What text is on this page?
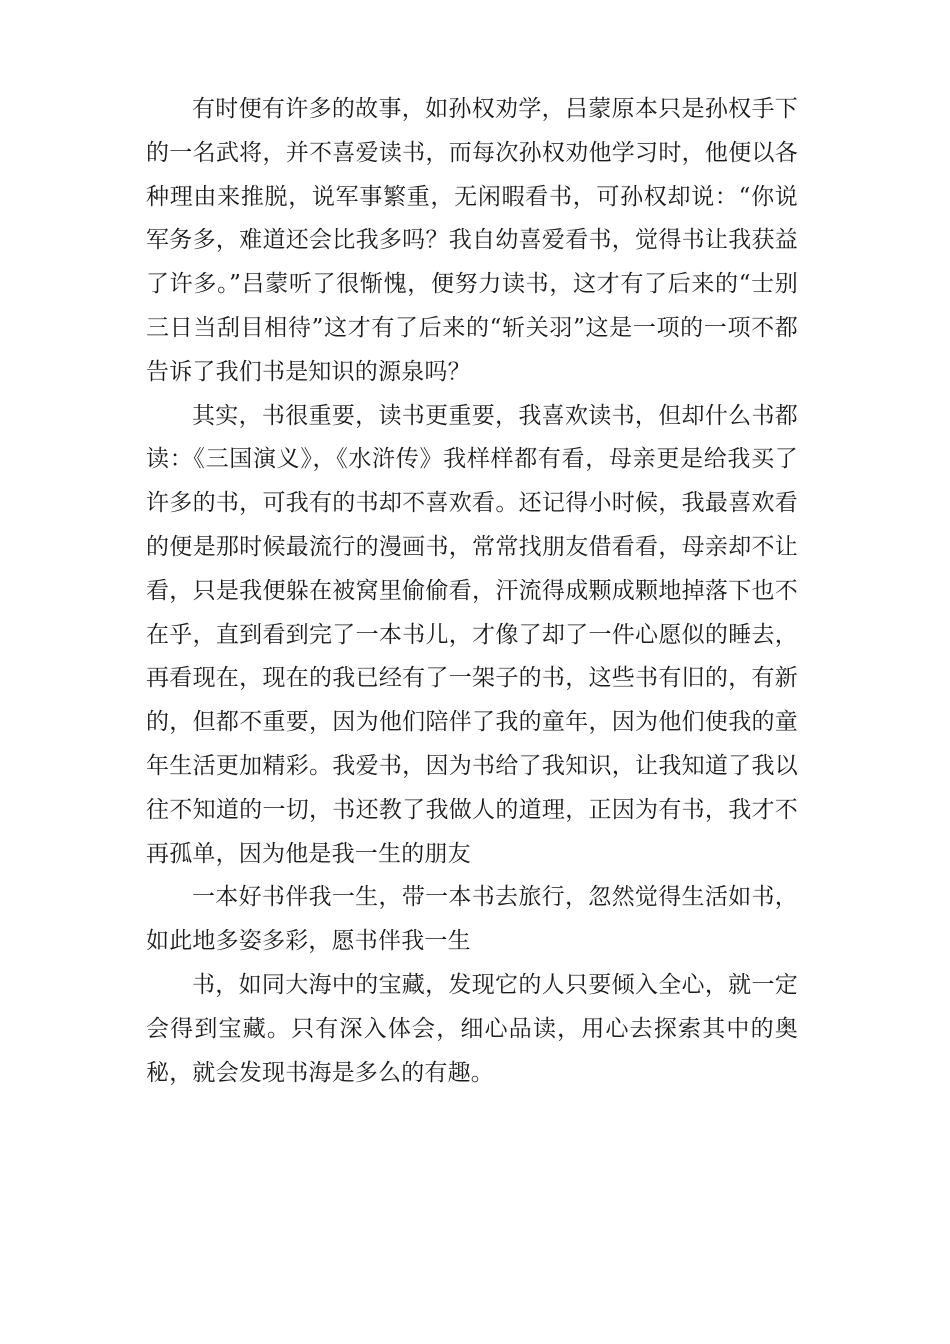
有时便有许多的故事，如孙权劝学，吕蒙原本只是孙权手下的一名武将，并不喜爱读书，而每次孙权劝他学习时，他便以各种理由来推脱，说军事繁重，无闲暇看书，可孙权却说：“你说军务多，难道还会比我多吗？我自幼喜爱看书，觉得书让我获益了许多。”吕蒙听了很惭愧，便努力读书，这才有了后来的“士别三日当刮目相待”这才有了后来的“斩关羽”这是一项的一项不都告诉了我们书是知识的源泉吗？

其实，书很重要，读书更重要，我喜欢读书，但却什么书都读：《三国演义》，《水浒传》我样样都有看，母亲更是给我买了许多的书，可我有的书却不喜欢看。还记得小时候，我最喜欢看的便是那时候最流行的漫画书，常常找朋友借看看，母亲却不让看，只是我便躲在被窝里偷偷看，汗流得成颗成颗地掉落下也不在乎，直到看到完了一本书儿，才像了却了一件心愿似的睡去，再看现在，现在的我已经有了一架子的书，这些书有旧的，有新的，但都不重要，因为他们陪伴了我的童年，因为他们使我的童年生活更加精彩。我爱书，因为书给了我知识，让我知道了我以往不知道的一切，书还教了我做人的道理，正因为有书，我才不再孤单，因为他是我一生的朋友

一本好书伴我一生，带一本书去旅行，忽然觉得生活如书，如此地多姿多彩，愿书伴我一生

书，如同大海中的宝藏，发现它的人只要倾入全心，就一定会得到宝藏。只有深入体会，细心品读，用心去探索其中的奥秘，就会发现书海是多么的有趣。
